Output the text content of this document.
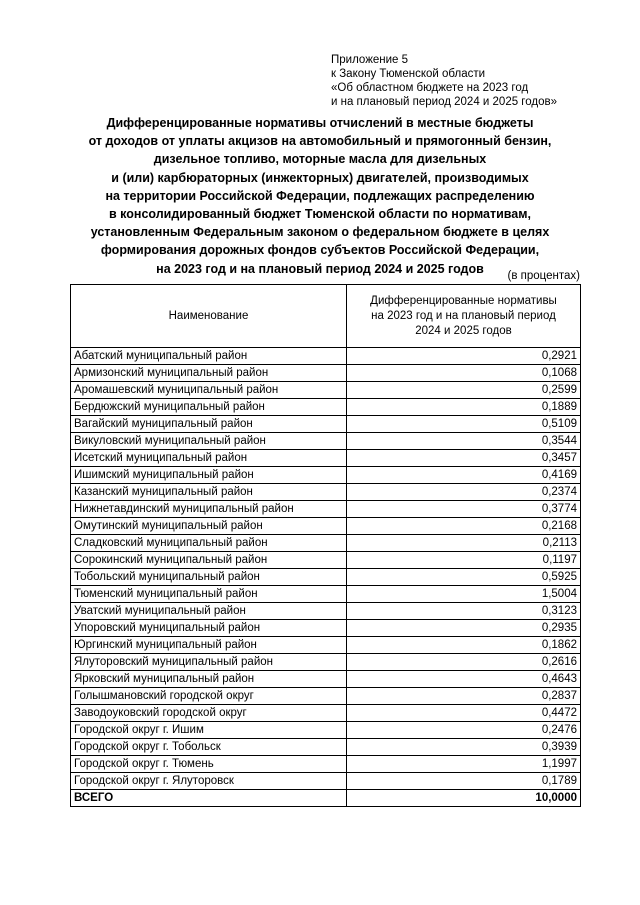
Приложение 5
к Закону Тюменской области
«Об областном бюджете на 2023 год
и на плановый период 2024 и 2025 годов»
Дифференцированные нормативы отчислений в местные бюджеты
от доходов от уплаты акцизов на автомобильный и прямогонный бензин,
дизельное топливо, моторные масла для дизельных
и (или) карбюраторных (инжекторных) двигателей, производимых
на территории Российской Федерации, подлежащих распределению
в консолидированный бюджет Тюменской области по нормативам,
установленным Федеральным законом о федеральном бюджете в целях
формирования дорожных фондов субъектов Российской Федерации,
на 2023 год и на плановый период 2024 и 2025 годов
(в процентах)
Наименование	Дифференцированные нормативы
на 2023 год и на плановый период
2024 и 2025 годов

Абатский муниципальный район	0,2921
Армизонский муниципальный район	0,1068
Аромашевский муниципальный район	0,2599
Бердюжский муниципальный район	0,1889
Вагайский муниципальный район	0,5109
Викуловский муниципальный район	0,3544
Исетский муниципальный район	0,3457
Ишимский муниципальный район	0,4169
Казанский муниципальный район	0,2374
Нижнетавдинский муниципальный район	0,3774
Омутинский муниципальный район	0,2168
Сладковский муниципальный район	0,2113
Сорокинский муниципальный район	0,1197
Тобольский муниципальный район	0,5925
Тюменский муниципальный район	1,5004
Уватский муниципальный район	0,3123
Упоровский муниципальный район	0,2935
Юргинский муниципальный район	0,1862
Ялуторовский муниципальный район	0,2616
Ярковский муниципальный район	0,4643
Голышмановский городской округ	0,2837
Заводоуковский городской округ	0,4472
Городской округ г. Ишим	0,2476
Городской округ г. Тобольск	0,3939
Городской округ г. Тюмень	1,1997
Городской округ г. Ялуторовск	0,1789
ВСЕГО	10,0000
